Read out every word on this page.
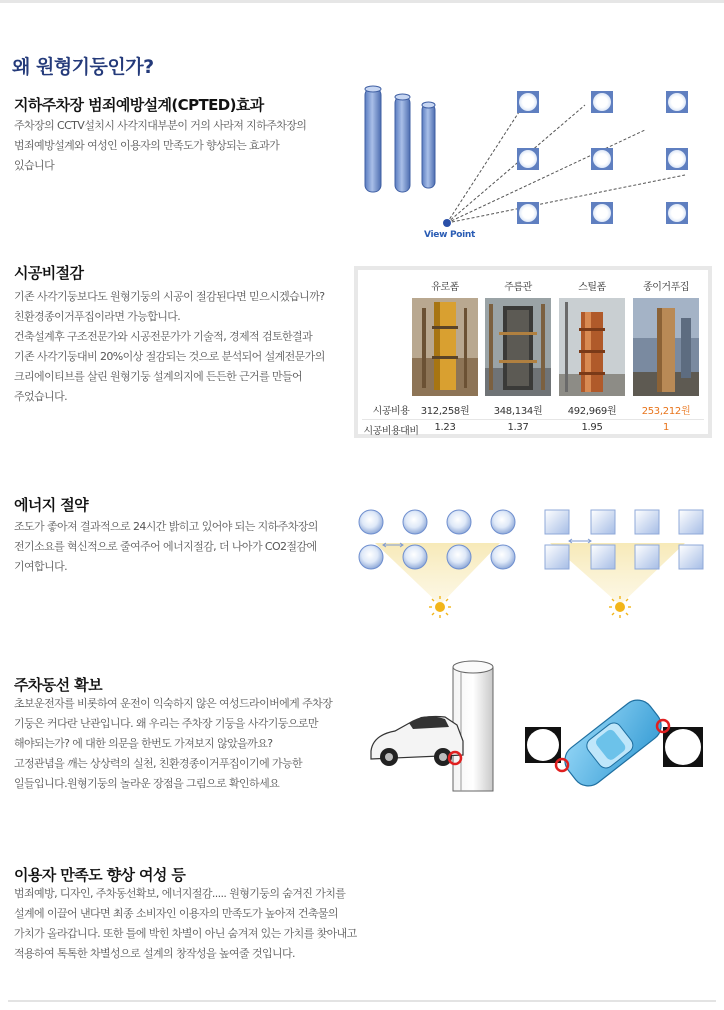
왜 원형기둥인가?
지하주차장 범죄예방설계(CPTED)효과
주차장의 CCTV설치시 사각지대부분이 거의 사라져 지하주차장의
범죄예방설계와 여성인 이용자의 만족도가 향상되는 효과가
있습니다
View Point
시공비절감
기존 사각기둥보다도 원형기둥의 시공이 절감된다면 믿으시겠습니까?
친환경종이거푸집이라면 가능합니다.
건축설계후 구조전문가와 시공전문가가 기술적, 경제적 검토한결과
기존 사각기둥대비 20%이상 절감되는 것으로 분석되어 설계전문가의
크리에이티브를 살린 원형기둥 설계의지에 든든한 근거를 만들어
주었습니다.
유로폼	주름관	스틸폼	종이거푸집
시공비용	312,258원	348,134원	492,969원	253,212원
시공비용대비	1.23	1.37	1.95	1
에너지 절약
조도가 좋아져 결과적으로 24시간 밝히고 있어야 되는 지하주차장의
전기소요를 혁신적으로 줄여주어 에너지절감, 더 나아가 CO2절감에
기여합니다.
주차동선 확보
초보운전자를 비롯하여 운전이 익숙하지 않은 여성드라이버에게 주차장
기둥은 커다란 난관입니다. 왜 우리는 주차장 기둥을 사각기둥으로만
해야되는가? 에 대한 의문을 한번도 가져보지 않았을까요?
고정관념을 깨는 상상력의 실천, 친환경종이거푸집이기에 가능한
일들입니다.원형기둥의 놀라운 장점을 그림으로 확인하세요
이용자 만족도 향상 여성 등
범죄예방, 디자인, 주차동선확보, 에너지절감..... 원형기둥의 숨겨진 가치를
설계에 이끌어 낸다면 최종 소비자인 이용자의 만족도가 높아져 건축물의
가치가 올라갑니다. 또한 틀에 박힌 차별이 아닌 숨겨져 있는 가치를 찾아내고
적용하여 톡톡한 차별성으로 설계의 창작성을 높여줄 것입니다.
